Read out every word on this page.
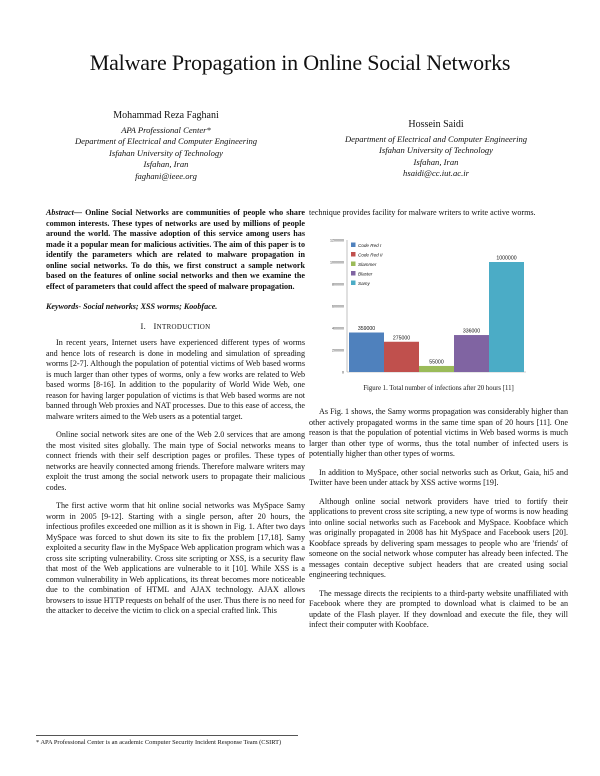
Malware Propagation in Online Social Networks
Mohammad Reza Faghani
APA Professional Center*
Department of Electrical and Computer Engineering
Isfahan University of Technology
Isfahan, Iran
faghani@ieee.org
Hossein Saidi
Department of Electrical and Computer Engineering
Isfahan University of Technology
Isfahan, Iran
hsaidi@cc.iut.ac.ir

Abstract— Online Social Networks are communities of people who share common interests. These types of networks are used by millions of people around the world. The massive adoption of this service among users has made it a popular mean for malicious activities. The aim of this paper is to identify the parameters which are related to malware propagation in online social networks. To do this, we first construct a sample network based on the features of online social networks and then we examine the effect of parameters that could affect the speed of malware propagation.

Keywords- Social networks; XSS worms; Koobface.

I. INTRODUCTION

In recent years, Internet users have experienced different types of worms and hence lots of research is done in modeling and simulation of spreading worms [2-7]. Although the population of potential victims of Web based worms is much larger than other types of worms, only a few works are related to Web based worms [8-16]. In addition to the popularity of World Wide Web, one reason for having larger population of victims is that Web based worms are not banned through Web proxies and NAT processes. Due to this ease of access, the malware writers aimed to the Web users as a potential target.

Online social network sites are one of the Web 2.0 services that are among the most visited sites globally. The main type of Social networks means to connect friends with their self description pages or profiles. These types of networks are heavily connected among friends. Therefore malware writers may exploit the trust among the social network users to propagate their malicious codes.

The first active worm that hit online social networks was MySpace Samy worm in 2005 [9-12]. Starting with a single person, after 20 hours, the infectious profiles exceeded one million as it is shown in Fig. 1. After two days MySpace was forced to shut down its site to fix the problem [17,18]. Samy exploited a security flaw in the MySpace Web application program which was a cross site scripting vulnerability. Cross site scripting or XSS, is a security flaw that most of the Web applications are vulnerable to it [10]. While XSS is a common vulnerability in Web applications, its threat becomes more noticeable due to the combination of HTML and AJAX technology. AJAX allows browsers to issue HTTP requests on behalf of the user. Thus there is no need for the attacker to deceive the victim to click on a special crafted link. This

technique provides facility for malware writers to write active worms.

0
200000
400000
600000
800000
1000000
1200000
359000
275000
55000
336000
1000000
Code Red I
Code Red II
Slammer
Blaster
Samy
Figure 1. Total number of infections after 20 hours [11]

As Fig. 1 shows, the Samy worms propagation was considerably higher than other actively propagated worms in the same time span of 20 hours [11]. One reason is that the population of potential victims in Web based worms is much larger than other type of worms, thus the total number of infected users is potentially higher than other types of worms.

In addition to MySpace, other social networks such as Orkut, Gaia, hi5 and Twitter have been under attack by XSS active worms [19].

Although online social network providers have tried to fortify their applications to prevent cross site scripting, a new type of worms is now heading into online social networks such as Facebook and MySpace. Koobface which was originally propagated in 2008 has hit MySpace and Facebook users [20]. Koobface spreads by delivering spam messages to people who are 'friends' of someone on the social network whose computer has already been infected. The messages contain deceptive subject headers that are created using social engineering techniques.

The message directs the recipients to a third-party website unaffiliated with Facebook where they are prompted to download what is claimed to be an update of the Flash player. If they download and execute the file, they will infect their computer with Koobface.

* APA Professional Center is an academic Computer Security Incident Response Team (CSIRT)
